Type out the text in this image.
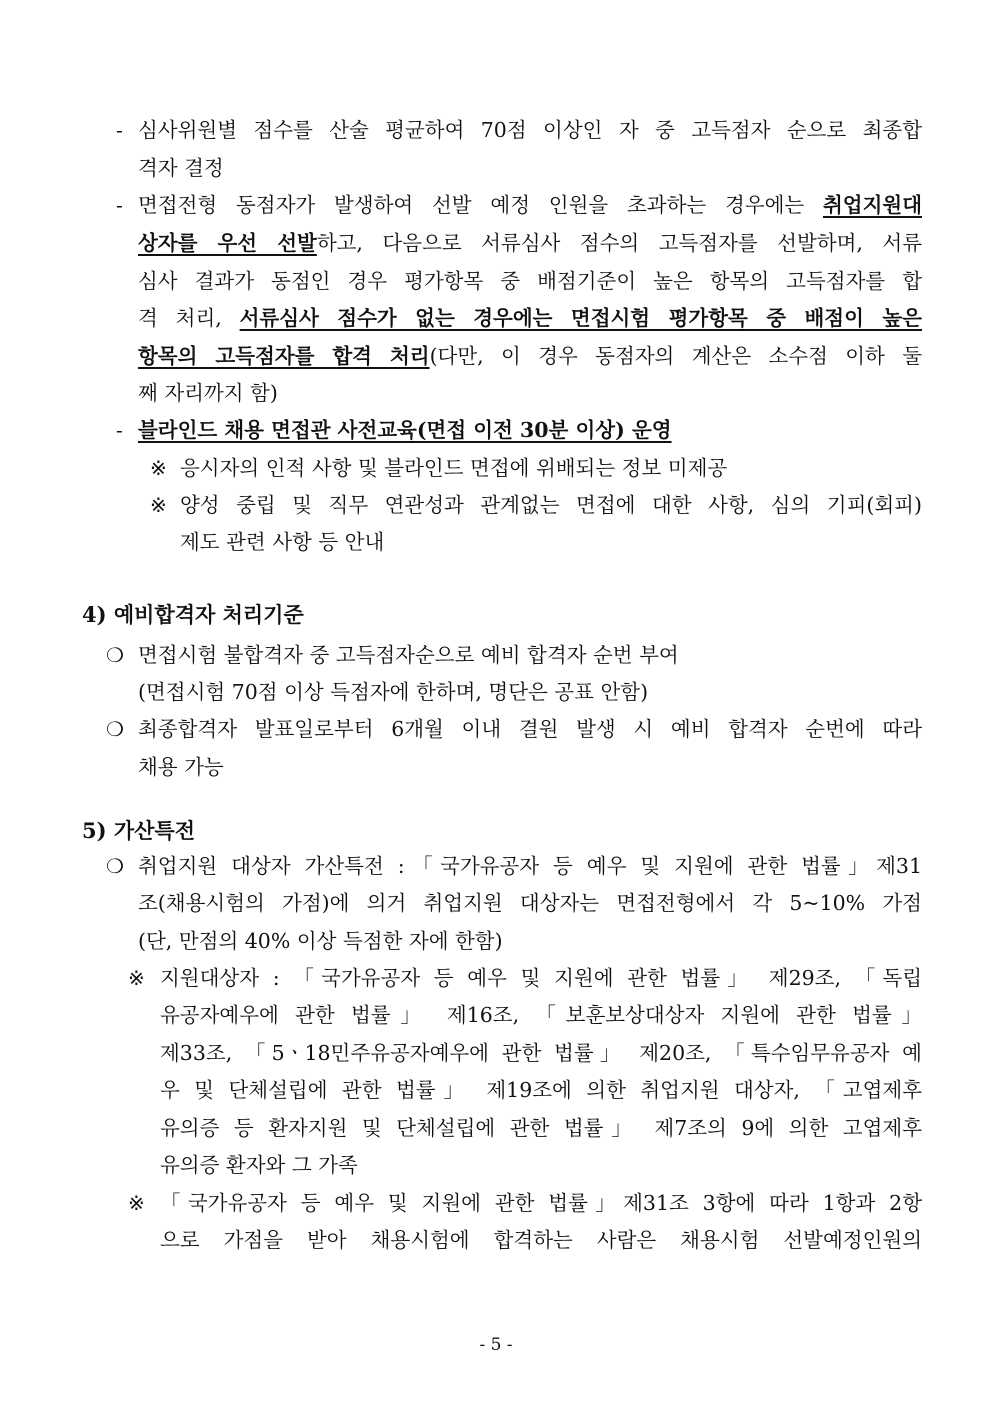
- 심사위원별 점수를 산술 평균하여 70점 이상인 자 중 고득점자 순으로 최종합
격자 결정
- 면접전형 동점자가 발생하여 선발 예정 인원을 초과하는 경우에는 취업지원대
상자를 우선 선발하고, 다음으로 서류심사 점수의 고득점자를 선발하며, 서류
심사 결과가 동점인 경우 평가항목 중 배점기준이 높은 항목의 고득점자를 합
격 처리, 서류심사 점수가 없는 경우에는 면접시험 평가항목 중 배점이 높은
항목의 고득점자를 합격 처리(다만, 이 경우 동점자의 계산은 소수점 이하 둘
째 자리까지 함)
- 블라인드 채용 면접관 사전교육(면접 이전 30분 이상) 운영
※ 응시자의 인적 사항 및 블라인드 면접에 위배되는 정보 미제공
※ 양성 중립 및 직무 연관성과 관계없는 면접에 대한 사항, 심의 기피(회피)
제도 관련 사항 등 안내
4) 예비합격자 처리기준
❍ 면접시험 불합격자 중 고득점자순으로 예비 합격자 순번 부여
(면접시험 70점 이상 득점자에 한하며, 명단은 공표 안함)
❍ 최종합격자 발표일로부터 6개월 이내 결원 발생 시 예비 합격자 순번에 따라
채용 가능
5) 가산특전
❍ 취업지원 대상자 가산특전 :「국가유공자 등 예우 및 지원에 관한 법률」제31
조(채용시험의 가점)에 의거 취업지원 대상자는 면접전형에서 각 5~10% 가점
(단, 만점의 40% 이상 득점한 자에 한함)
※ 지원대상자 : 「국가유공자 등 예우 및 지원에 관한 법률」 제29조, 「독립
유공자예우에 관한 법률」 제16조, 「보훈보상대상자 지원에 관한 법률」
제33조, 「5ㆍ18민주유공자예우에 관한 법률」 제20조, 「특수임무유공자 예
우 및 단체설립에 관한 법률」 제19조에 의한 취업지원 대상자, 「고엽제후
유의증 등 환자지원 및 단체설립에 관한 법률」 제7조의 9에 의한 고엽제후
유의증 환자와 그 가족
※ 「국가유공자 등 예우 및 지원에 관한 법률」제31조 3항에 따라 1항과 2항
으로 가점을 받아 채용시험에 합격하는 사람은 채용시험 선발예정인원의
- 5 -
